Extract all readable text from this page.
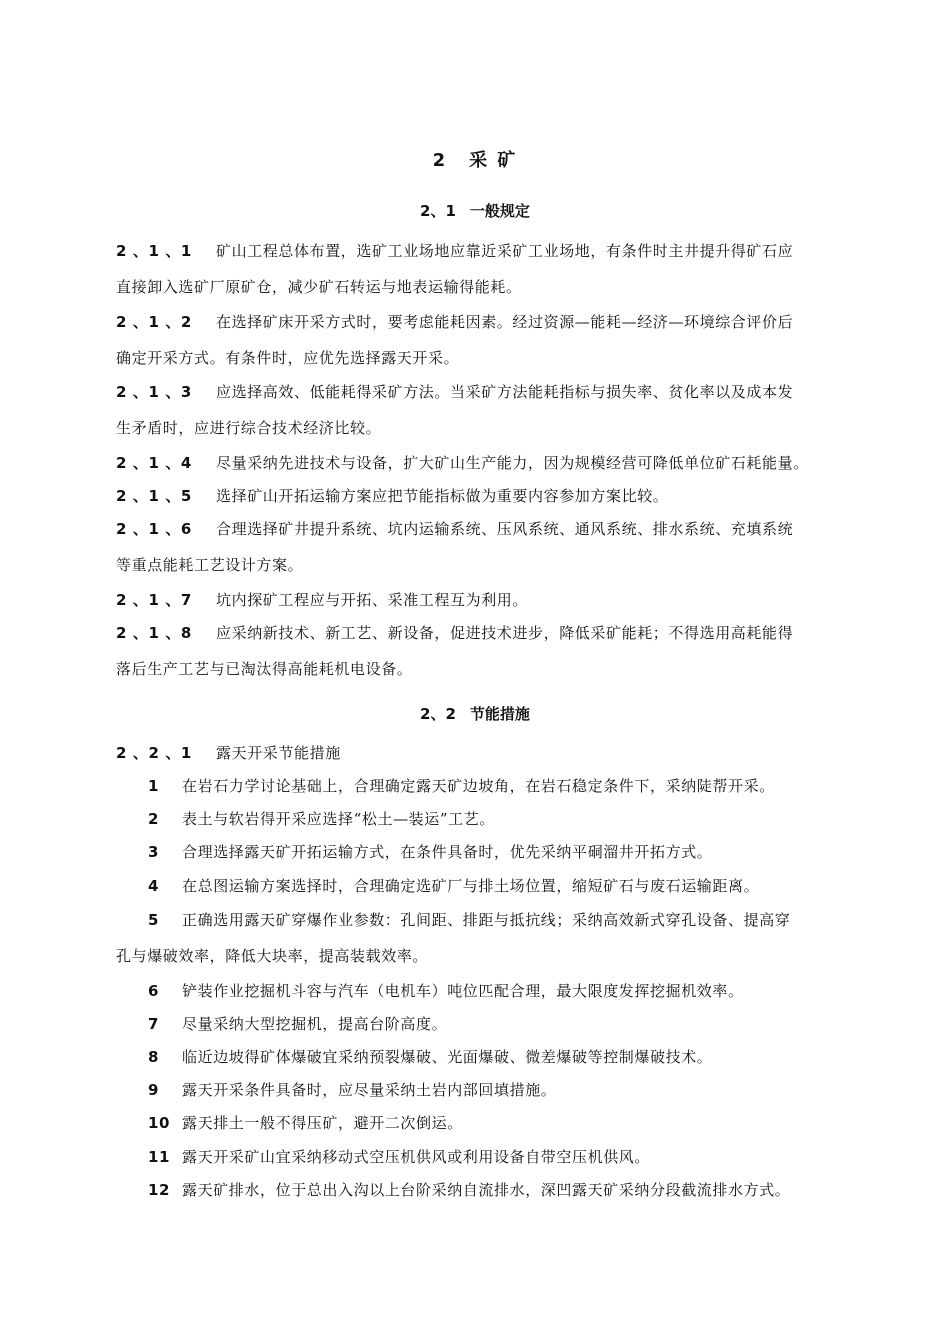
2 采 矿
2、1 一般规定
2 、1 、1 矿山工程总体布置，选矿工业场地应靠近采矿工业场地，有条件时主井提升得矿石应
直接卸入选矿厂原矿仓，减少矿石转运与地表运输得能耗。
2 、1 、2 在选择矿床开采方式时，要考虑能耗因素。经过资源—能耗—经济—环境综合评价后
确定开采方式。有条件时，应优先选择露天开采。
2 、1 、3 应选择高效、低能耗得采矿方法。当采矿方法能耗指标与损失率、贫化率以及成本发
生矛盾时，应进行综合技术经济比较。
2 、1 、4 尽量采纳先进技术与设备，扩大矿山生产能力，因为规模经营可降低单位矿石耗能量。
2 、1 、5 选择矿山开拓运输方案应把节能指标做为重要内容参加方案比较。
2 、1 、6 合理选择矿井提升系统、坑内运输系统、压风系统、通风系统、排水系统、充填系统
等重点能耗工艺设计方案。
2 、1 、7 坑内探矿工程应与开拓、采准工程互为利用。
2 、1 、8 应采纳新技术、新工艺、新设备，促进技术进步，降低采矿能耗；不得选用高耗能得
落后生产工艺与已淘汰得高能耗机电设备。
2、2 节能措施
2 、2 、1 露天开采节能措施
1 在岩石力学讨论基础上，合理确定露天矿边坡角，在岩石稳定条件下，采纳陡帮开采。
2 表土与软岩得开采应选择“松土—装运”工艺。
3 合理选择露天矿开拓运输方式，在条件具备时，优先采纳平硐溜井开拓方式。
4 在总图运输方案选择时，合理确定选矿厂与排土场位置，缩短矿石与废石运输距离。
5 正确选用露天矿穿爆作业参数：孔间距、排距与抵抗线；采纳高效新式穿孔设备、提高穿
孔与爆破效率，降低大块率，提高装载效率。
6 铲装作业挖掘机斗容与汽车（电机车）吨位匹配合理，最大限度发挥挖掘机效率。
7 尽量采纳大型挖掘机，提高台阶高度。
8 临近边坡得矿体爆破宜采纳预裂爆破、光面爆破、微差爆破等控制爆破技术。
9 露天开采条件具备时，应尽量采纳土岩内部回填措施。
10 露天排土一般不得压矿，避开二次倒运。
11 露天开采矿山宜采纳移动式空压机供风或利用设备自带空压机供风。
12 露天矿排水，位于总出入沟以上台阶采纳自流排水，深凹露天矿采纳分段截流排水方式。
